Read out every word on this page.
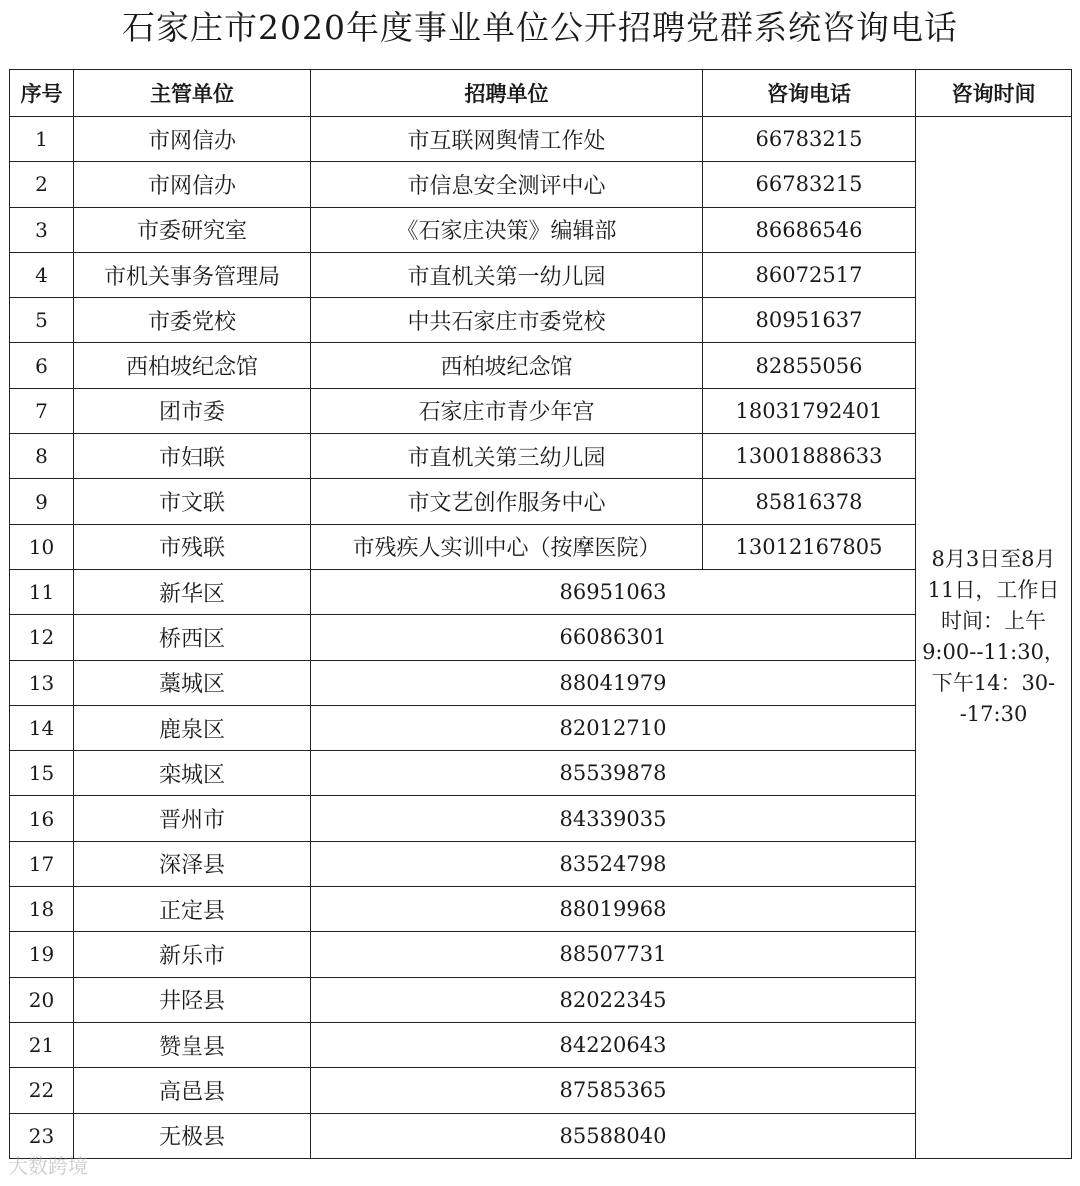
石家庄市2020年度事业单位公开招聘党群系统咨询电话
序号	主管单位	招聘单位	咨询电话	咨询时间
1	市网信办	市互联网舆情工作处	66783215	8月3日至8月11日，工作日时间：上午9:00--11:30，下午14：30--17:30
2	市网信办	市信息安全测评中心	66783215	
3	市委研究室	《石家庄决策》编辑部	86686546	
4	市机关事务管理局	市直机关第一幼儿园	86072517	
5	市委党校	中共石家庄市委党校	80951637	
6	西柏坡纪念馆	西柏坡纪念馆	82855056	
7	团市委	石家庄市青少年宫	18031792401	
8	市妇联	市直机关第三幼儿园	13001888633	
9	市文联	市文艺创作服务中心	85816378	
10	市残联	市残疾人实训中心（按摩医院）	13012167805	
11	新华区	86951063		
12	桥西区	66086301		
13	藁城区	88041979		
14	鹿泉区	82012710		
15	栾城区	85539878		
16	晋州市	84339035		
17	深泽县	83524798		
18	正定县	88019968		
19	新乐市	88507731		
20	井陉县	82022345		
21	赞皇县	84220643		
22	高邑县	87585365		
23	无极县	85588040		
大数跨境
